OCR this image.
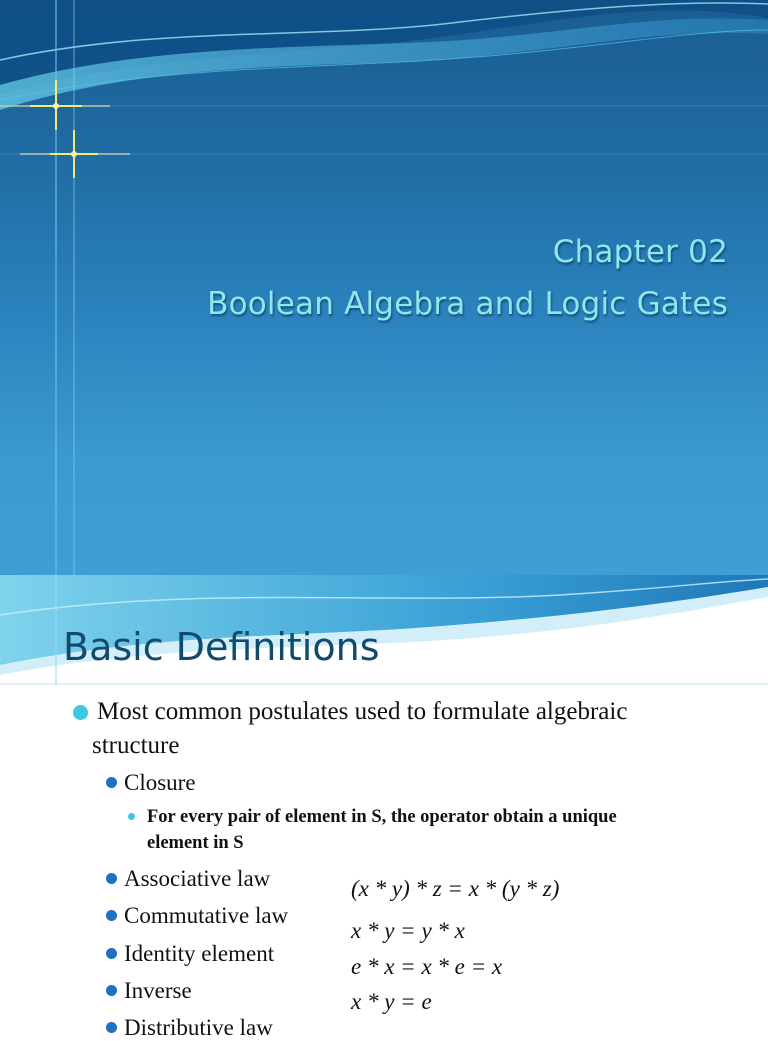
Chapter 02
Boolean Algebra and Logic Gates
Basic Definitions
Most common postulates used to formulate algebraic
structure
Closure
For every pair of element in S, the operator obtain a unique
element in S
Associative law	(x * y) * z = x * (y * z)
Commutative law
x * y = y * x
Identity element
e * x = x * e = x
Inverse	x * y = e
Distributive law
